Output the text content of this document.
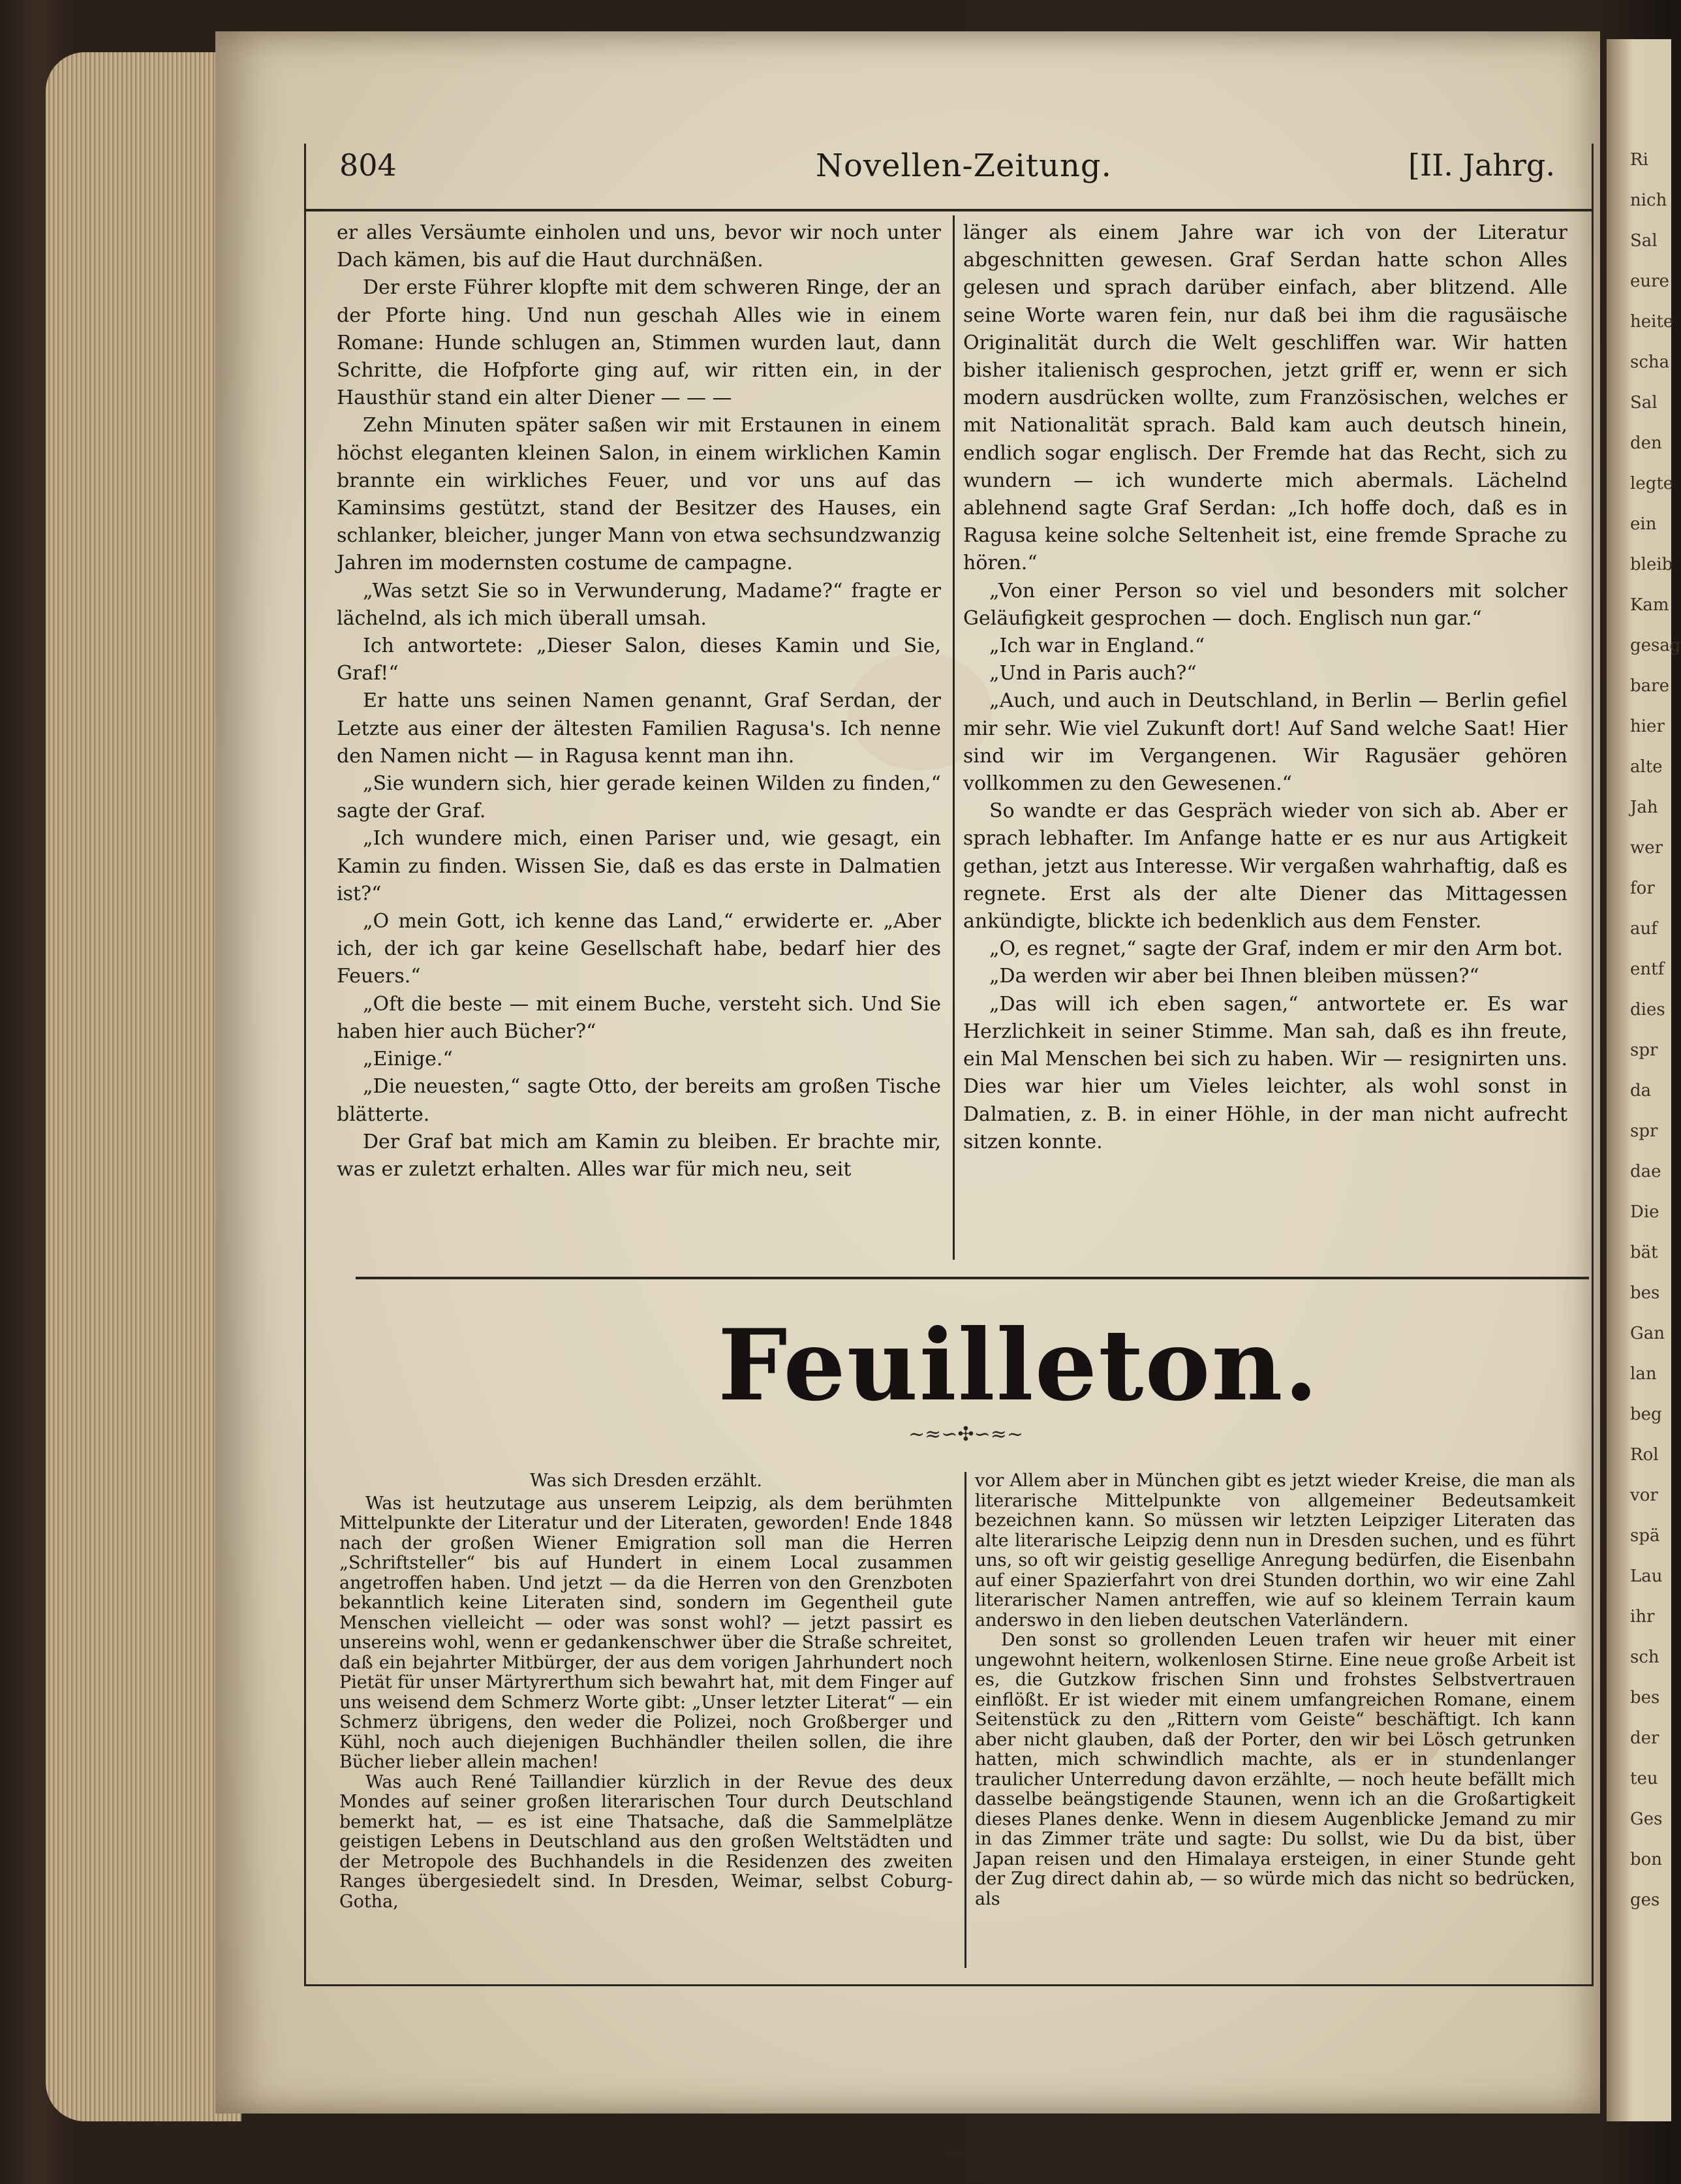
Ri
nich
Sal
eure
heite
scha
Sal
den
legte
ein
bleib
Kam
gesag
bare
hier
alte
Jah
wer
for
auf
entf
dies
spr
da
spr
dae
Die
bät
bes
Gan
lan
beg
Rol
vor
spä
Lau
ihr
sch
bes
der
teu
Ges
bon
ges
804	Novellen-Zeitung.	[II. Jahrg.

er alles Versäumte einholen und uns, bevor wir noch unter Dach kämen, bis auf die Haut durchnäßen.

Der erste Führer klopfte mit dem schweren Ringe, der an der Pforte hing. Und nun geschah Alles wie in einem Romane: Hunde schlugen an, Stimmen wurden laut, dann Schritte, die Hofpforte ging auf, wir ritten ein, in der Hausthür stand ein alter Diener — — —

Zehn Minuten später saßen wir mit Erstaunen in einem höchst eleganten kleinen Salon, in einem wirklichen Kamin brannte ein wirkliches Feuer, und vor uns auf das Kaminsims gestützt, stand der Besitzer des Hauses, ein schlanker, bleicher, junger Mann von etwa sechsundzwanzig Jahren im modernsten costume de campagne.

„Was setzt Sie so in Verwunderung, Madame?“ fragte er lächelnd, als ich mich überall umsah.

Ich antwortete: „Dieser Salon, dieses Kamin und Sie, Graf!“

Er hatte uns seinen Namen genannt, Graf Serdan, der Letzte aus einer der ältesten Familien Ragusa's. Ich nenne den Namen nicht — in Ragusa kennt man ihn.

„Sie wundern sich, hier gerade keinen Wilden zu finden,“ sagte der Graf.

„Ich wundere mich, einen Pariser und, wie gesagt, ein Kamin zu finden. Wissen Sie, daß es das erste in Dalmatien ist?“

„O mein Gott, ich kenne das Land,“ erwiderte er. „Aber ich, der ich gar keine Gesellschaft habe, bedarf hier des Feuers.“

„Oft die beste — mit einem Buche, versteht sich. Und Sie haben hier auch Bücher?“

„Einige.“

„Die neuesten,“ sagte Otto, der bereits am großen Tische blätterte.

Der Graf bat mich am Kamin zu bleiben. Er brachte mir, was er zuletzt erhalten. Alles war für mich neu, seit

länger als einem Jahre war ich von der Literatur abgeschnitten gewesen. Graf Serdan hatte schon Alles gelesen und sprach darüber einfach, aber blitzend. Alle seine Worte waren fein, nur daß bei ihm die ragusäische Originalität durch die Welt geschliffen war. Wir hatten bisher italienisch gesprochen, jetzt griff er, wenn er sich modern ausdrücken wollte, zum Französischen, welches er mit Nationalität sprach. Bald kam auch deutsch hinein, endlich sogar englisch. Der Fremde hat das Recht, sich zu wundern — ich wunderte mich abermals. Lächelnd ablehnend sagte Graf Serdan: „Ich hoffe doch, daß es in Ragusa keine solche Seltenheit ist, eine fremde Sprache zu hören.“

„Von einer Person so viel und besonders mit solcher Geläufigkeit gesprochen — doch. Englisch nun gar.“

„Ich war in England.“

„Und in Paris auch?“

„Auch, und auch in Deutschland, in Berlin — Berlin gefiel mir sehr. Wie viel Zukunft dort! Auf Sand welche Saat! Hier sind wir im Vergangenen. Wir Ragusäer gehören vollkommen zu den Gewesenen.“

So wandte er das Gespräch wieder von sich ab. Aber er sprach lebhafter. Im Anfange hatte er es nur aus Artigkeit gethan, jetzt aus Interesse. Wir vergaßen wahrhaftig, daß es regnete. Erst als der alte Diener das Mittagessen ankündigte, blickte ich bedenklich aus dem Fenster.

„O, es regnet,“ sagte der Graf, indem er mir den Arm bot.

„Da werden wir aber bei Ihnen bleiben müssen?“

„Das will ich eben sagen,“ antwortete er. Es war Herzlichkeit in seiner Stimme. Man sah, daß es ihn freute, ein Mal Menschen bei sich zu haben. Wir — resignirten uns. Dies war hier um Vieles leichter, als wohl sonst in Dalmatien, z. B. in einer Höhle, in der man nicht aufrecht sitzen konnte.

Feuilleton.
~≈∽✣∽≈~

Was sich Dresden erzählt.

Was ist heutzutage aus unserem Leipzig, als dem berühmten Mittelpunkte der Literatur und der Literaten, geworden! Ende 1848 nach der großen Wiener Emigration soll man die Herren „Schriftsteller“ bis auf Hundert in einem Local zusammen angetroffen haben. Und jetzt — da die Herren von den Grenzboten bekanntlich keine Literaten sind, sondern im Gegentheil gute Menschen vielleicht — oder was sonst wohl? — jetzt passirt es unsereins wohl, wenn er gedankenschwer über die Straße schreitet, daß ein bejahrter Mitbürger, der aus dem vorigen Jahrhundert noch Pietät für unser Märtyrerthum sich bewahrt hat, mit dem Finger auf uns weisend dem Schmerz Worte gibt: „Unser letzter Literat“ — ein Schmerz übrigens, den weder die Polizei, noch Großberger und Kühl, noch auch diejenigen Buchhändler theilen sollen, die ihre Bücher lieber allein machen!

Was auch René Taillandier kürzlich in der Revue des deux Mondes auf seiner großen literarischen Tour durch Deutschland bemerkt hat, — es ist eine Thatsache, daß die Sammelplätze geistigen Lebens in Deutschland aus den großen Weltstädten und der Metropole des Buchhandels in die Residenzen des zweiten Ranges übergesiedelt sind. In Dresden, Weimar, selbst Coburg-Gotha,

vor Allem aber in München gibt es jetzt wieder Kreise, die man als literarische Mittelpunkte von allgemeiner Bedeutsamkeit bezeichnen kann. So müssen wir letzten Leipziger Literaten das alte literarische Leipzig denn nun in Dresden suchen, und es führt uns, so oft wir geistig gesellige Anregung bedürfen, die Eisenbahn auf einer Spazierfahrt von drei Stunden dorthin, wo wir eine Zahl literarischer Namen antreffen, wie auf so kleinem Terrain kaum anderswo in den lieben deutschen Vaterländern.

Den sonst so grollenden Leuen trafen wir heuer mit einer ungewohnt heitern, wolkenlosen Stirne. Eine neue große Arbeit ist es, die Gutzkow frischen Sinn und frohstes Selbstvertrauen einflößt. Er ist wieder mit einem umfangreichen Romane, einem Seitenstück zu den „Rittern vom Geiste“ beschäftigt. Ich kann aber nicht glauben, daß der Porter, den wir bei Lösch getrunken hatten, mich schwindlich machte, als er in stundenlanger traulicher Unterredung davon erzählte, — noch heute befällt mich dasselbe beängstigende Staunen, wenn ich an die Großartigkeit dieses Planes denke. Wenn in diesem Augenblicke Jemand zu mir in das Zimmer träte und sagte: Du sollst, wie Du da bist, über Japan reisen und den Himalaya ersteigen, in einer Stunde geht der Zug direct dahin ab, — so würde mich das nicht so bedrücken, als
